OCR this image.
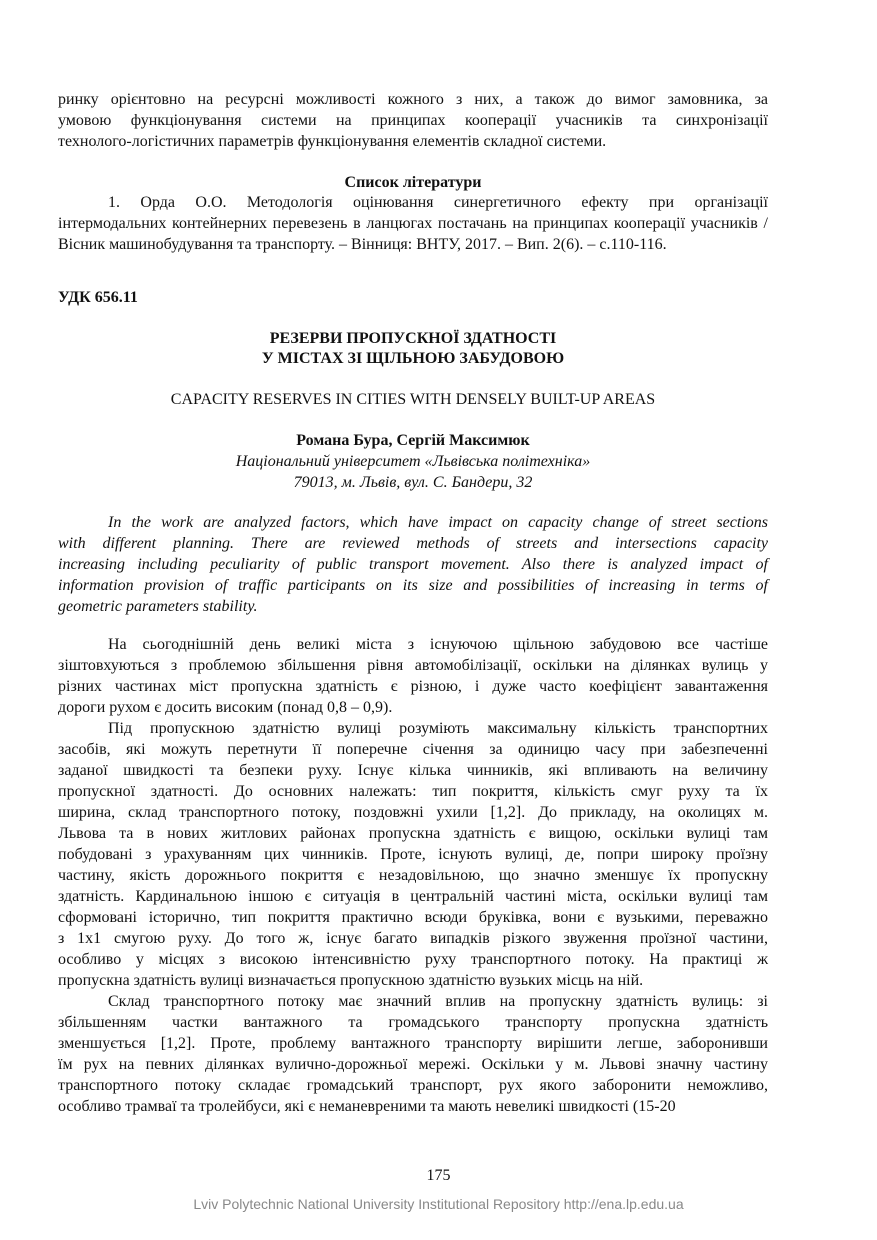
ринку орієнтовно на ресурсні можливості кожного з них, а також до вимог замовника, за
умовою функціонування системи на принципах кооперації учасників та синхронізації
технолого-логістичних параметрів функціонування елементів складної системи.
Список літератури
1. Орда О.О. Методологія оцінювання синергетичного ефекту при організації
інтермодальних контейнерних перевезень в ланцюгах постачань на принципах кооперації учасників /
Вісник машинобудування та транспорту. – Вінниця: ВНТУ, 2017. – Вип. 2(6). – с.110-116.
УДК 656.11
РЕЗЕРВИ ПРОПУСКНОЇ ЗДАТНОСТІ
У МІСТАХ ЗІ ЩІЛЬНОЮ ЗАБУДОВОЮ
CAPACITY RESERVES IN CITIES WITH DENSELY BUILT-UP AREAS
Романа Бура, Сергій Максимюк
Національний університет «Львівська політехніка»
79013, м. Львів, вул. С. Бандери, 32
In the work are analyzed factors, which have impact on capacity change of street sections
with different planning. There are reviewed methods of streets and intersections capacity
increasing including peculiarity of public transport movement. Also there is analyzed impact of
information provision of traffic participants on its size and possibilities of increasing in terms of
geometric parameters stability.
На сьогоднішній день великі міста з існуючою щільною забудовою все частіше
зіштовхуються з проблемою збільшення рівня автомобілізації, оскільки на ділянках вулиць у
різних частинах міст пропускна здатність є різною, і дуже часто коефіцієнт завантаження
дороги рухом є досить високим (понад 0,8 – 0,9).
Під пропускною здатністю вулиці розуміють максимальну кількість транспортних
засобів, які можуть перетнути її поперечне січення за одиницю часу при забезпеченні
заданої швидкості та безпеки руху. Існує кілька чинників, які впливають на величину
пропускної здатності. До основних належать: тип покриття, кількість смуг руху та їх
ширина, склад транспортного потоку, поздовжні ухили [1,2]. До прикладу, на околицях м.
Львова та в нових житлових районах пропускна здатність є вищою, оскільки вулиці там
побудовані з урахуванням цих чинників. Проте, існують вулиці, де, попри широку проїзну
частину, якість дорожнього покриття є незадовільною, що значно зменшує їх пропускну
здатність. Кардинальною іншою є ситуація в центральній частині міста, оскільки вулиці там
сформовані історично, тип покриття практично всюди бруківка, вони є вузькими, переважно
з 1х1 смугою руху. До того ж, існує багато випадків різкого звуження проїзної частини,
особливо у місцях з високою інтенсивністю руху транспортного потоку. На практиці ж
пропускна здатність вулиці визначається пропускною здатністю вузьких місць на ній.
Склад транспортного потоку має значний вплив на пропускну здатність вулиць: зі
збільшенням частки вантажного та громадського транспорту пропускна здатність
зменшується [1,2]. Проте, проблему вантажного транспорту вирішити легше, заборонивши
їм рух на певних ділянках вулично-дорожньої мережі. Оскільки у м. Львові значну частину
транспортного потоку складає громадський транспорт, рух якого заборонити неможливо,
особливо трамваї та тролейбуси, які є неманевреними та мають невеликі швидкості (15-20
175
Lviv Polytechnic National University Institutional Repository http://ena.lp.edu.ua
